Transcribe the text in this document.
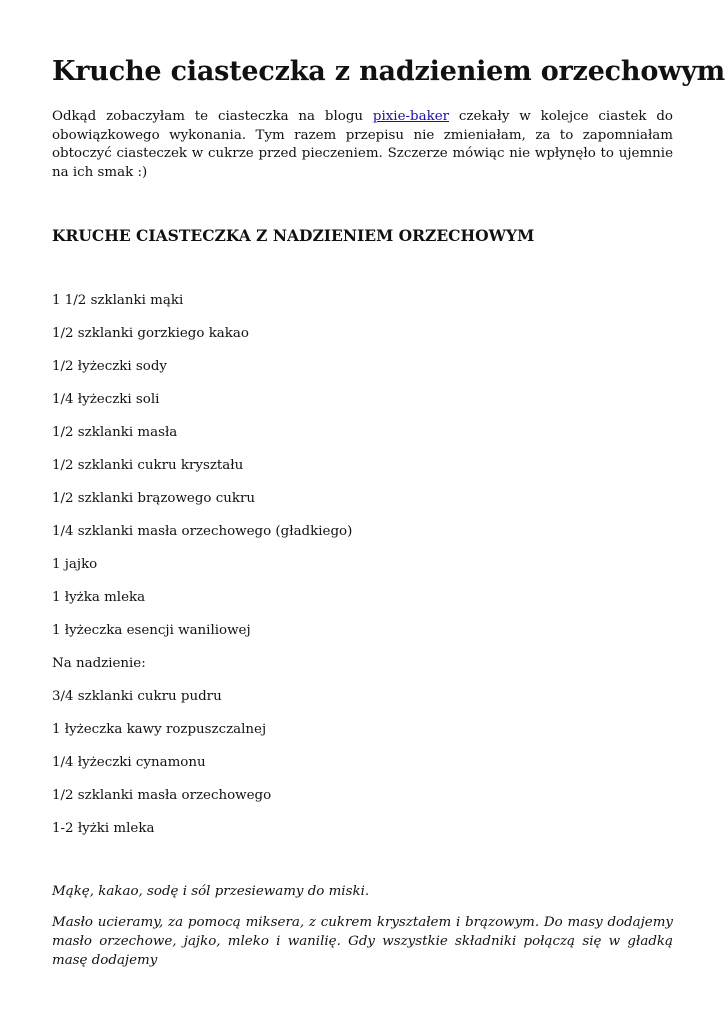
Kruche ciasteczka z nadzieniem orzechowym

Odkąd zobaczyłam te ciasteczka na blogu pixie-baker czekały w kolejce ciastek do obowiązkowego wykonania. Tym razem przepisu nie zmieniałam, za to zapomniałam obtoczyć ciasteczek w cukrze przed pieczeniem. Szczerze mówiąc nie wpłynęło to ujemnie na ich smak :)

KRUCHE CIASTECZKA Z NADZIENIEM ORZECHOWYM
1 1/2 szklanki mąki
1/2 szklanki gorzkiego kakao
1/2 łyżeczki sody
1/4 łyżeczki soli
1/2 szklanki masła
1/2 szklanki cukru kryształu
1/2 szklanki brązowego cukru
1/4 szklanki masła orzechowego (gładkiego)
1 jajko
1 łyżka mleka
1 łyżeczka esencji waniliowej
Na nadzienie:
3/4 szklanki cukru pudru
1 łyżeczka kawy rozpuszczalnej
1/4 łyżeczki cynamonu
1/2 szklanki masła orzechowego
1-2 łyżki mleka

Mąkę, kakao, sodę i sól przesiewamy do miski.

Masło ucieramy, za pomocą miksera, z cukrem kryształem i brązowym. Do masy dodajemy masło orzechowe, jajko, mleko i wanilię. Gdy wszystkie składniki połączą się w gładką masę dodajemy
